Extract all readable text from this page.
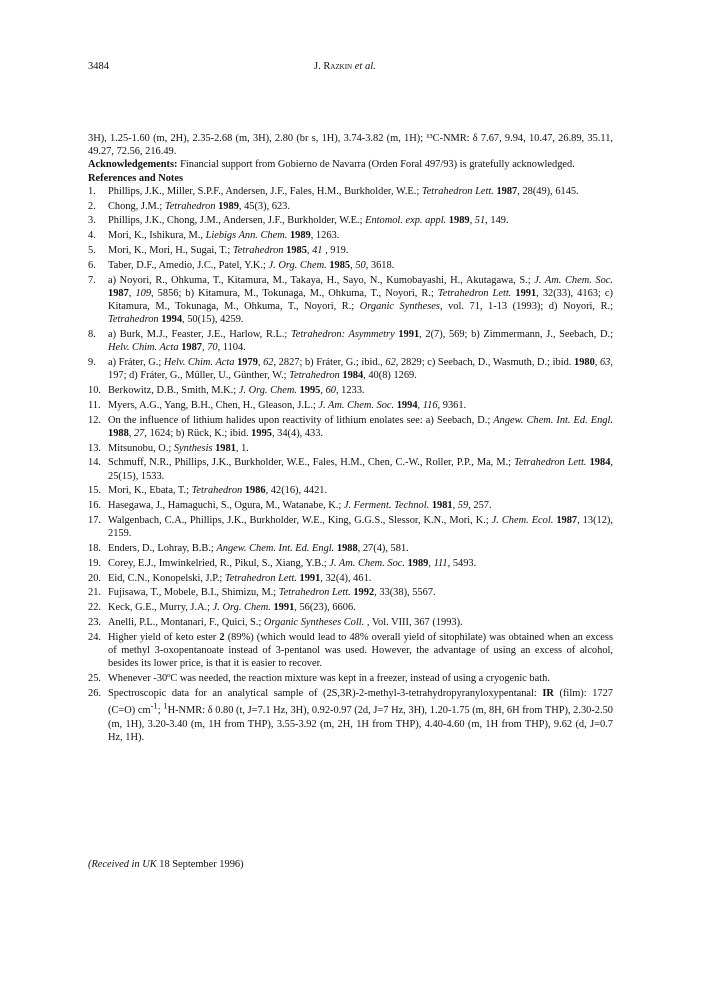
3484	J. Razkin et al.

3H), 1.25-1.60 (m, 2H), 2.35-2.68 (m, 3H), 2.80 (br s, 1H), 3.74-3.82 (m, 1H); ¹³C-NMR: δ 7.67, 9.94, 10.47, 26.89, 35.11, 49.27, 72.56, 216.49.

Acknowledgements: Financial support from Gobierno de Navarra (Orden Foral 497/93) is gratefully acknowledged.

References and Notes

1. Phillips, J.K., Miller, S.P.F., Andersen, J.F., Fales, H.M., Burkholder, W.E.; Tetrahedron Lett. 1987, 28(49), 6145.
2. Chong, J.M.; Tetrahedron 1989, 45(3), 623.
3. Phillips, J.K., Chong, J.M., Andersen, J.F., Burkholder, W.E.; Entomol. exp. appl. 1989, 51, 149.
4. Mori, K., Ishikura, M., Liebigs Ann. Chem. 1989, 1263.
5. Mori, K., Mori, H., Sugai, T.; Tetrahedron 1985, 41 , 919.
6. Taber, D.F., Amedio, J.C., Patel, Y.K.; J. Org. Chem. 1985, 50, 3618.
7. a) Noyori, R., Ohkuma, T., Kitamura, M., Takaya, H., Sayo, N., Kumobayashi, H., Akutagawa, S.; J. Am. Chem. Soc. 1987, 109, 5856; b) Kitamura, M., Tokunaga, M., Ohkuma, T., Noyori, R.; Tetrahedron Lett. 1991, 32(33), 4163; c) Kitamura, M., Tokunaga, M., Ohkuma, T., Noyori, R.; Organic Syntheses, vol. 71, 1-13 (1993); d) Noyori, R.; Tetrahedron 1994, 50(15), 4259.
8. a) Burk, M.J., Feaster, J.E., Harlow, R.L.; Tetrahedron: Asymmetry 1991, 2(7), 569; b) Zimmermann, J., Seebach, D.; Helv. Chim. Acta 1987, 70, 1104.
9. a) Fráter, G.; Helv. Chim. Acta 1979, 62, 2827; b) Fráter, G.; ibid., 62, 2829; c) Seebach, D., Wasmuth, D.; ibid. 1980, 63, 197; d) Fráter, G., Müller, U., Günther, W.; Tetrahedron 1984, 40(8) 1269.
10. Berkowitz, D.B., Smith, M.K.; J. Org. Chem. 1995, 60, 1233.
11. Myers, A.G., Yang, B.H., Chen, H., Gleason, J.L.; J. Am. Chem. Soc. 1994, 116, 9361.
12. On the influence of lithium halides upon reactivity of lithium enolates see: a) Seebach, D.; Angew. Chem. Int. Ed. Engl. 1988, 27, 1624; b) Rück, K.; ibid. 1995, 34(4), 433.
13. Mitsunobu, O.; Synthesis 1981, 1.
14. Schmuff, N.R., Phillips, J.K., Burkholder, W.E., Fales, H.M., Chen, C.-W., Roller, P.P., Ma, M.; Tetrahedron Lett. 1984, 25(15), 1533.
15. Mori, K., Ebata, T.; Tetrahedron 1986, 42(16), 4421.
16. Hasegawa, J., Hamaguchi, S., Ogura, M., Watanabe, K.; J. Ferment. Technol. 1981, 59, 257.
17. Walgenbach, C.A., Phillips, J.K., Burkholder, W.E., King, G.G.S., Slessor, K.N., Mori, K.; J. Chem. Ecol. 1987, 13(12), 2159.
18. Enders, D., Lohray, B.B.; Angew. Chem. Int. Ed. Engl. 1988, 27(4), 581.
19. Corey, E.J., Imwinkelried, R., Pikul, S., Xiang, Y.B.; J. Am. Chem. Soc. 1989, 111, 5493.
20. Eid, C.N., Konopelski, J.P.; Tetrahedron Lett. 1991, 32(4), 461.
21. Fujisawa, T., Mobele, B.I., Shimizu, M.; Tetrahedron Lett. 1992, 33(38), 5567.
22. Keck, G.E., Murry, J.A.; J. Org. Chem. 1991, 56(23), 6606.
23. Anelli, P.L., Montanari, F., Quici, S.; Organic Syntheses Coll. , Vol. VIII, 367 (1993).
24. Higher yield of keto ester 2 (89%) (which would lead to 48% overall yield of sitophilate) was obtained when an excess of methyl 3-oxopentanoate instead of 3-pentanol was used. However, the advantage of using an excess of alcohol, besides its lower price, is that it is easier to recover.
25. Whenever -30ºC was needed, the reaction mixture was kept in a freezer, instead of using a cryogenic bath.
26. Spectroscopic data for an analytical sample of (2S,3R)-2-methyl-3-tetrahydropyranyloxypentanal: IR (film): 1727 (C=O) $cm^{-1}$; $^1$H-NMR: δ 0.80 (t, J=7.1 Hz, 3H), 0.92-0.97 (2d, J=7 Hz, 3H), 1.20-1.75 (m, 8H, 6H from THP), 2.30-2.50 (m, 1H), 3.20-3.40 (m, 1H from THP), 3.55-3.92 (m, 2H, 1H from THP), 4.40-4.60 (m, 1H from THP), 9.62 (d, J=0.7 Hz, 1H).
(Received in UK 18 September 1996)
